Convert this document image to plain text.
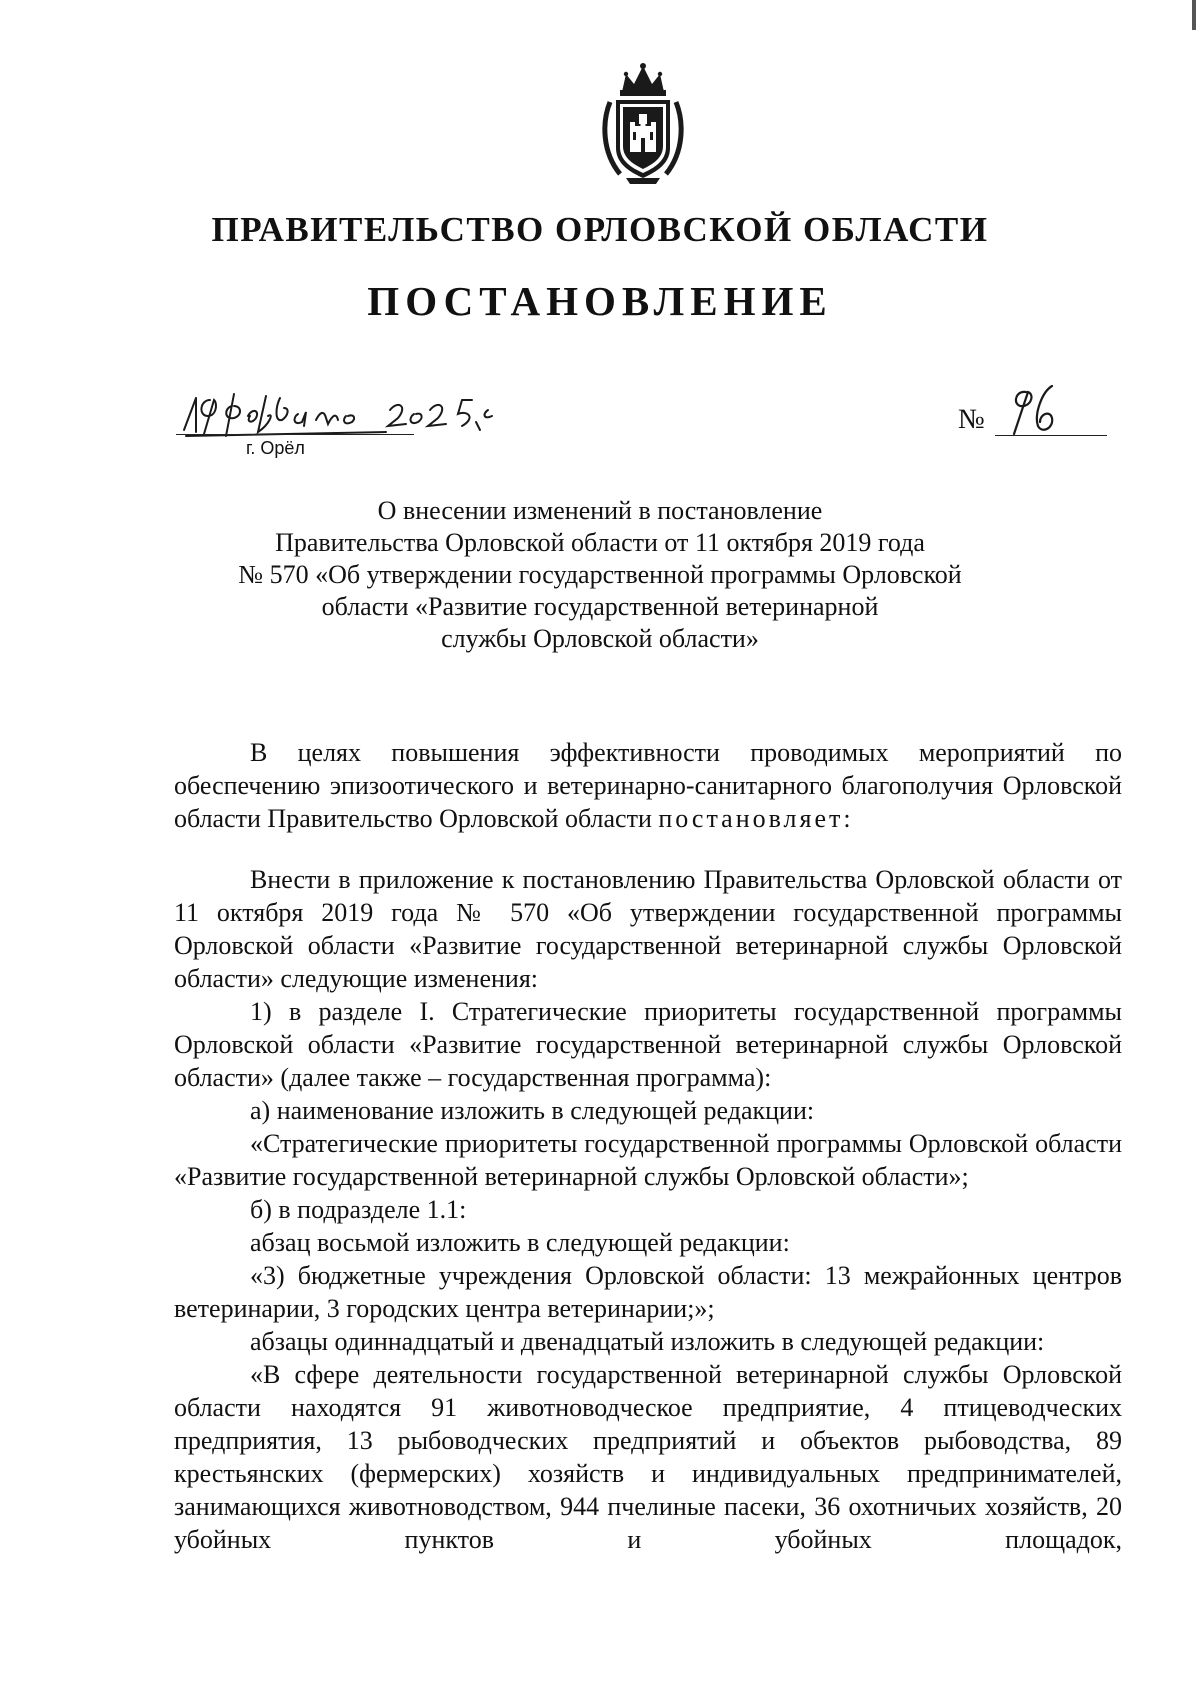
ПРАВИТЕЛЬСТВО ОРЛОВСКОЙ ОБЛАСТИ
ПОСТАНОВЛЕНИЕ
г. Орёл
№
О внесении изменений в постановление
Правительства Орловской области от 11 октября 2019 года
№ 570 «Об утверждении государственной программы Орловской
области «Развитие государственной ветеринарной
службы Орловской области»

В целях повышения эффективности проводимых мероприятий по обеспечению эпизоотического и ветеринарно-санитарного благополучия Орловской области Правительство Орловской области постановляет:

Внести в приложение к постановлению Правительства Орловской области от 11 октября 2019 года № 570 «Об утверждении государственной программы Орловской области «Развитие государственной ветеринарной службы Орловской области» следующие изменения:

1) в разделе I. Стратегические приоритеты государственной программы Орловской области «Развитие государственной ветеринарной службы Орловской области» (далее также – государственная программа):

а) наименование изложить в следующей редакции:

«Стратегические приоритеты государственной программы Орловской области «Развитие государственной ветеринарной службы Орловской области»;

б) в подразделе 1.1:

абзац восьмой изложить в следующей редакции:

«3) бюджетные учреждения Орловской области: 13 межрайонных центров ветеринарии, 3 городских центра ветеринарии;»;

абзацы одиннадцатый и двенадцатый изложить в следующей редакции:

«В сфере деятельности государственной ветеринарной службы Орловской области находятся 91 животноводческое предприятие, 4 птицеводческих предприятия, 13 рыбоводческих предприятий и объектов рыбоводства, 89 крестьянских (фермерских) хозяйств и индивидуальных предпринимателей, занимающихся животноводством, 944 пчелиные пасеки, 36 охотничьих хозяйств, 20 убойных пунктов и убойных площадок,
